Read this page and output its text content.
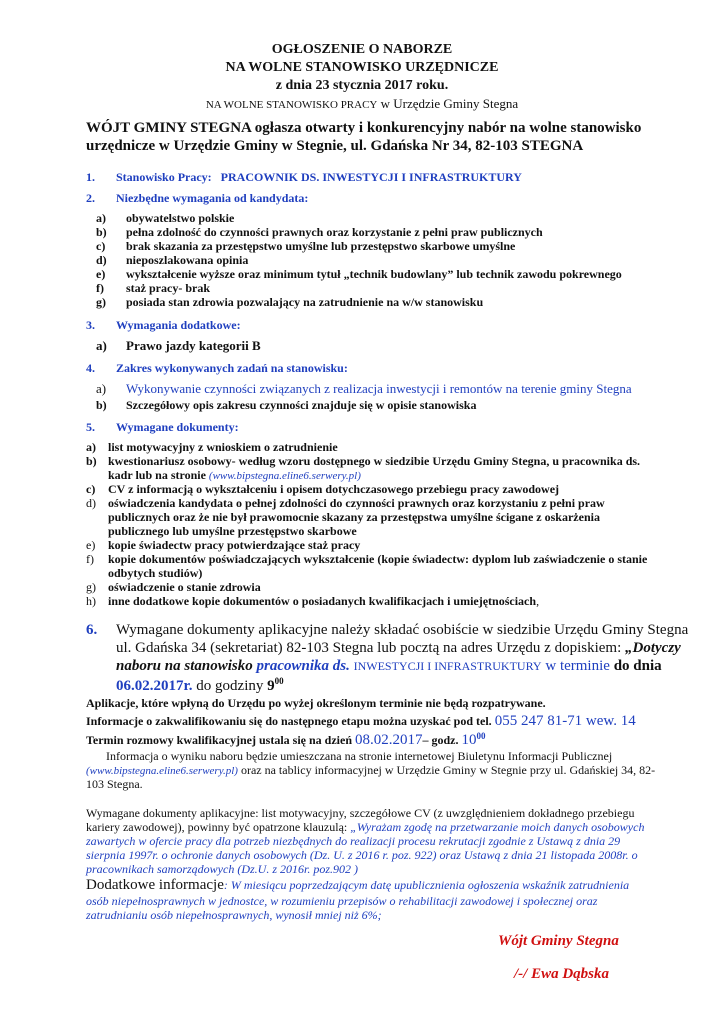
OGŁOSZENIE O NABORZE
NA WOLNE STANOWISKO URZĘDNICZE
z dnia 23 stycznia 2017 roku.
NA WOLNE STANOWISKO PRACY w Urzędzie Gminy Stegna
WÓJT GMINY STEGNA ogłasza otwarty i konkurencyjny nabór na wolne stanowisko
urzędnicze w Urzędzie Gminy w Stegnie, ul. Gdańska Nr 34, 82-103 STEGNA
1. Stanowisko Pracy: PRACOWNIK DS. INWESTYCJI I INFRASTRUKTURY
2. Niezbędne wymagania od kandydata:
a) obywatelstwo polskie
b) pełna zdolność do czynności prawnych oraz korzystanie z pełni praw publicznych
c) brak skazania za przestępstwo umyślne lub przestępstwo skarbowe umyślne
d) nieposzlakowana opinia
e) wykształcenie wyższe oraz minimum tytuł „technik budowlany” lub technik zawodu pokrewnego
f) staż pracy- brak
g) posiada stan zdrowia pozwalający na zatrudnienie na w/w stanowisku
3. Wymagania dodatkowe:
a) Prawo jazdy kategorii B
4. Zakres wykonywanych zadań na stanowisku:
a) Wykonywanie czynności związanych z realizacja inwestycji i remontów na terenie gminy Stegna
b) Szczegółowy opis zakresu czynności znajduje się w opisie stanowiska
5. Wymagane dokumenty:
a) list motywacyjny z wnioskiem o zatrudnienie
b) kwestionariusz osobowy- według wzoru dostępnego w siedzibie Urzędu Gminy Stegna, u pracownika ds.
kadr lub na stronie (www.bipstegna.eline6.serwery.pl)
c) CV z informacją o wykształceniu i opisem dotychczasowego przebiegu pracy zawodowej
d) oświadczenia kandydata o pełnej zdolności do czynności prawnych oraz korzystaniu z pełni praw
publicznych oraz że nie był prawomocnie skazany za przestępstwa umyślne ścigane z oskarżenia
publicznego lub umyślne przestępstwo skarbowe
e) kopie świadectw pracy potwierdzające staż pracy
f) kopie dokumentów poświadczających wykształcenie (kopie świadectw: dyplom lub zaświadczenie o stanie
odbytych studiów)
g) oświadczenie o stanie zdrowia
h) inne dodatkowe kopie dokumentów o posiadanych kwalifikacjach i umiejętnościach,
6. Wymagane dokumenty aplikacyjne należy składać osobiście w siedzibie Urzędu Gminy Stegna
ul. Gdańska 34 (sekretariat) 82-103 Stegna lub pocztą na adres Urzędu z dopiskiem: „Dotyczy
naboru na stanowisko pracownika ds. INWESTYCJI I INFRASTRUKTURY w terminie do dnia
06.02.2017r. do godziny $9^{00}$
Aplikacje, które wpłyną do Urzędu po wyżej określonym terminie nie będą rozpatrywane.
Informacje o zakwalifikowaniu się do następnego etapu można uzyskać pod tel. 055 247 81-71 wew. 14
Termin rozmowy kwalifikacyjnej ustala się na dzień 08.02.2017– godz. $10^{00}$
Informacja o wyniku naboru będzie umieszczana na stronie internetowej Biuletynu Informacji Publicznej
(www.bipstegna.eline6.serwery.pl) oraz na tablicy informacyjnej w Urzędzie Gminy w Stegnie przy ul. Gdańskiej 34, 82-
103 Stegna.
Wymagane dokumenty aplikacyjne: list motywacyjny, szczegółowe CV (z uwzględnieniem dokładnego przebiegu
kariery zawodowej), powinny być opatrzone klauzulą: „Wyrażam zgodę na przetwarzanie moich danych osobowych
zawartych w ofercie pracy dla potrzeb niezbędnych do realizacji procesu rekrutacji zgodnie z Ustawą z dnia 29
sierpnia 1997r. o ochronie danych osobowych (Dz. U. z 2016 r. poz. 922) oraz Ustawą z dnia 21 listopada 2008r. o
pracownikach samorządowych (Dz.U. z 2016r. poz.902 )
Dodatkowe informacje: W miesiącu poprzedzającym datę upublicznienia ogłoszenia wskaźnik zatrudnienia
osób niepełnosprawnych w jednostce, w rozumieniu przepisów o rehabilitacji zawodowej i społecznej oraz
zatrudnianiu osób niepełnosprawnych, wynosił mniej niż 6%;
Wójt Gminy Stegna
/-/ Ewa Dąbska
